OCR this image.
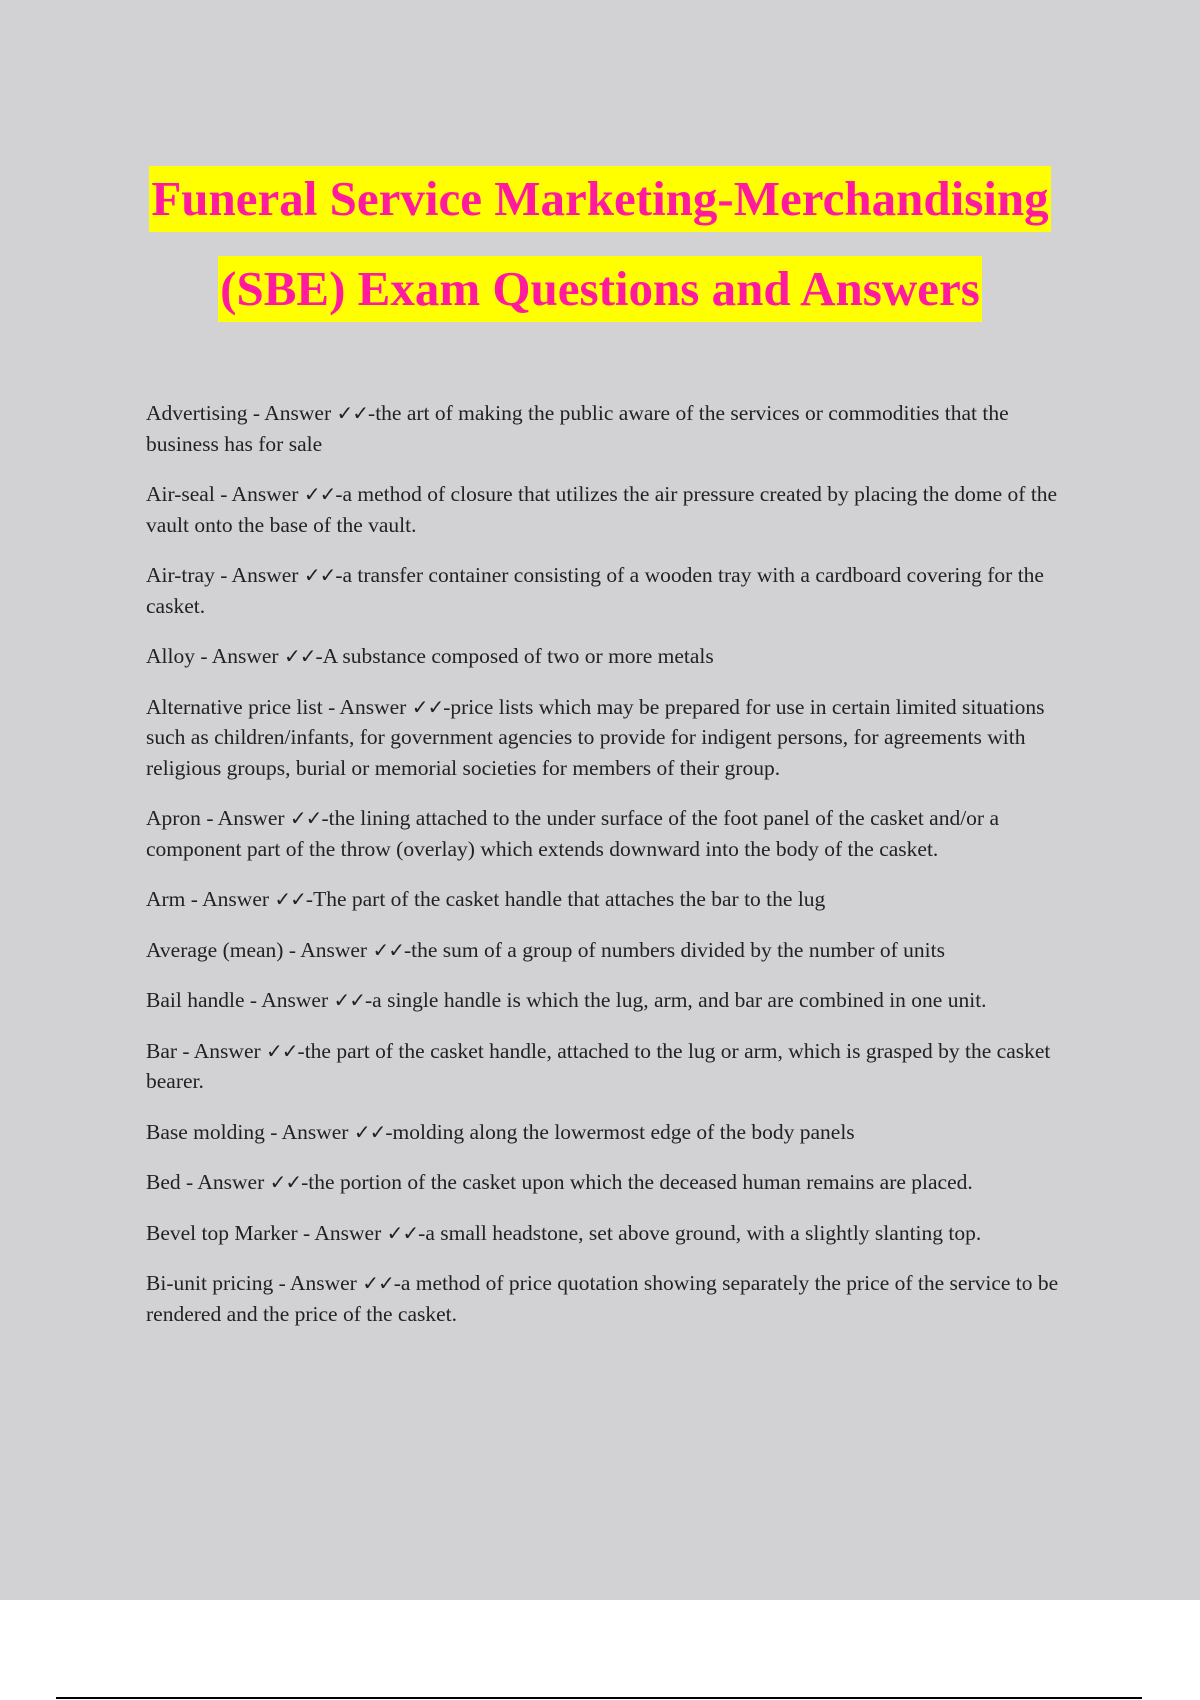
Funeral Service Marketing-Merchandising
(SBE) Exam Questions and Answers

Advertising - Answer ✓✓-the art of making the public aware of the services or commodities that the business has for sale

Air-seal - Answer ✓✓-a method of closure that utilizes the air pressure created by placing the dome of the vault onto the base of the vault.

Air-tray - Answer ✓✓-a transfer container consisting of a wooden tray with a cardboard covering for the casket.

Alloy - Answer ✓✓-A substance composed of two or more metals

Alternative price list - Answer ✓✓-price lists which may be prepared for use in certain limited situations such as children/infants, for government agencies to provide for indigent persons, for agreements with religious groups, burial or memorial societies for members of their group.

Apron - Answer ✓✓-the lining attached to the under surface of the foot panel of the casket and/or a component part of the throw (overlay) which extends downward into the body of the casket.

Arm - Answer ✓✓-The part of the casket handle that attaches the bar to the lug

Average (mean) - Answer ✓✓-the sum of a group of numbers divided by the number of units

Bail handle - Answer ✓✓-a single handle is which the lug, arm, and bar are combined in one unit.

Bar - Answer ✓✓-the part of the casket handle, attached to the lug or arm, which is grasped by the casket bearer.

Base molding - Answer ✓✓-molding along the lowermost edge of the body panels

Bed - Answer ✓✓-the portion of the casket upon which the deceased human remains are placed.

Bevel top Marker - Answer ✓✓-a small headstone, set above ground, with a slightly slanting top.

Bi-unit pricing - Answer ✓✓-a method of price quotation showing separately the price of the service to be rendered and the price of the casket.
